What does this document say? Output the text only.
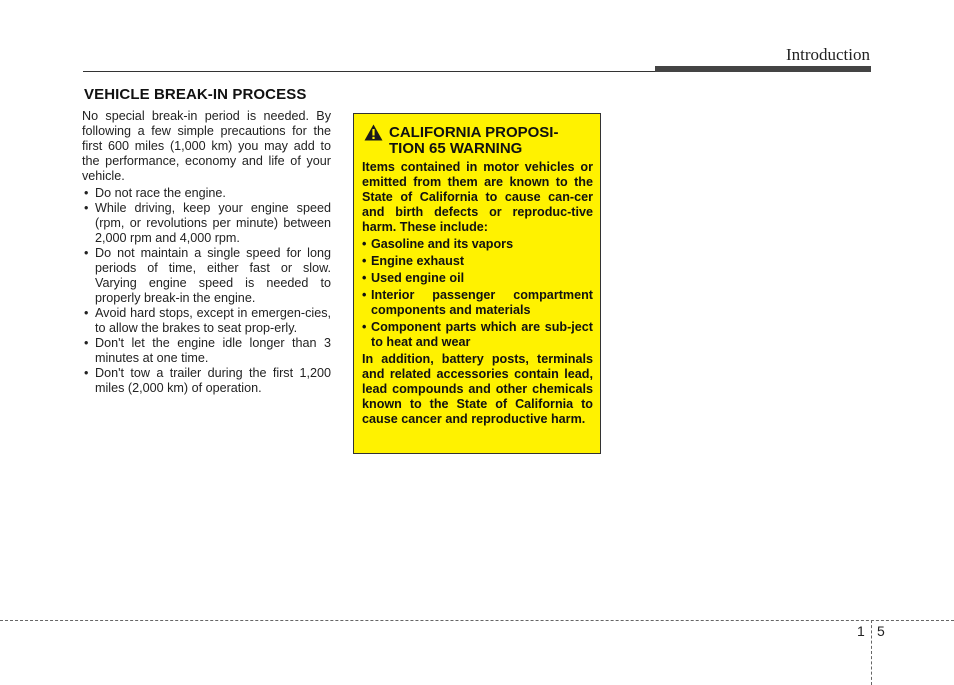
Introduction
VEHICLE BREAK-IN PROCESS

No special break-in period is needed. By following a few simple precautions for the first 600 miles (1,000 km) you may add to the performance, economy and life of your vehicle.

• Do not race the engine.
• While driving, keep your engine speed (rpm, or revolutions per minute) between 2,000 rpm and 4,000 rpm.
• Do not maintain a single speed for long periods of time, either fast or slow. Varying engine speed is needed to properly break-in the engine.
• Avoid hard stops, except in emergen-cies, to allow the brakes to seat prop-erly.
• Don't let the engine idle longer than 3 minutes at one time.
• Don't tow a trailer during the first 1,200 miles (2,000 km) of operation.
CALIFORNIA PROPOSI-TION 65 WARNING

Items contained in motor vehicles or emitted from them are known to the State of California to cause can-cer and birth defects or reproduc-tive harm. These include:

• Gasoline and its vapors
• Engine exhaust
• Used engine oil
• Interior passenger compartment components and materials
• Component parts which are sub-ject to heat and wear

In addition, battery posts, terminals and related accessories contain lead, lead compounds and other chemicals known to the State of California to cause cancer and reproductive harm.

1 5
